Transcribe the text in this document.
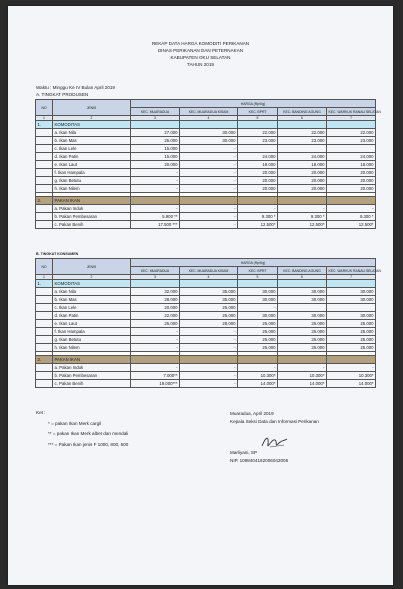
REKAP DATA HARGA KOMODITI PERIKANAN
DINAS PERIKANAN DAN PETERNAKAN
KABUPATEN OKU SELATAN
TAHUN 2019
Waktu : Minggu Ke IV Bulan April 2019
A. TINGKAT PRODUSEN
NO	JENIS	HARGA (Rp/Kg)				
		KEC. MUARADUA	KEC. MUARADUA KISAM	KEC. BPRT	KEC. BANDING AGUNG	KEC. WARKUK RANAU SELATAN
1	2	3	4	5	6	7
1.	KOMODITAS					
	a. Ikan Nila	27.000	30.000	22.000	22.000	22.000
	b. Ikan Mas	25.000	30.000	23.000	23.000	23.000
	c. Ikan Lele	15.000	-			
	d. Ikan Patin	15.000	-	24.000	24.000	24.000
	e. Ikan Laut	20.000	-	18.000	18.000	18.000
	f. Ikan Hampala	-	-	20.000	20.000	20.000
	g. Ikan Betutu	-	-	20.000	20.000	20.000
	h. Ikan Nilem	-	-	20.000	20.000	20.000

2.	PAKAN IKAN					
	a. Pakan Induk	-	-	-	-	-
	b. Pakan Pembesaran	5.900 **	-	9.300 *	9.300 *	9.300 *
	c. Pakan Benih	17.500 ***	-	12.500*	12.500*	12.500*
B. TINGKAT KONSUMEN
NO	JENIS	HARGA (Rp/Kg)				
		KEC. MUARADUA	KEC. MUARADUA KISAM	KEC. BPRT	KEC. BANDING AGUNG	KEC. WARKUK RANAU SELATAN
1	2	3	4	5	6	7
1.	KOMODITAS					
	a. Ikan Nila	32.000	35.000	30.000	30.000	30.000
	b. Ikan Mas	28.000	35.000	30.000	30.000	30.000
	c. Ikan Lele	20.000	25.000	-		
	d. Ikan Patin	22.000	25.000	30.000	30.000	30.000
	e. Ikan Laut	25.000	28.000	25.000	25.000	25.000
	f. Ikan Hampala	-	-	25.000	25.000	25.000
	g. Ikan Betutu	-	-	25.000	25.000	25.000
	h. Ikan Nilem	-	-	25.000	25.000	25.000

2.	PAKAN IKAN					
	a. Pakan Induk	-	-	-	-	-
	b. Pakan Pembesaran	7.000**	-	10.300*	10.300*	10.300*
	c. Pakan Benih	19.000***	-	14.000*	14.000*	14.000*
Ket :
* = pakan Ikan Merk cargil
** = pakan Ikan Merk albet dan mendali
*** = Pakan Ikan jenis F 1000, 800, 500
Muaradua, April 2019
Kepala Seksi Data dan Informasi Perikanan
Marliyani, SP
NIP. 1098404162006042005
